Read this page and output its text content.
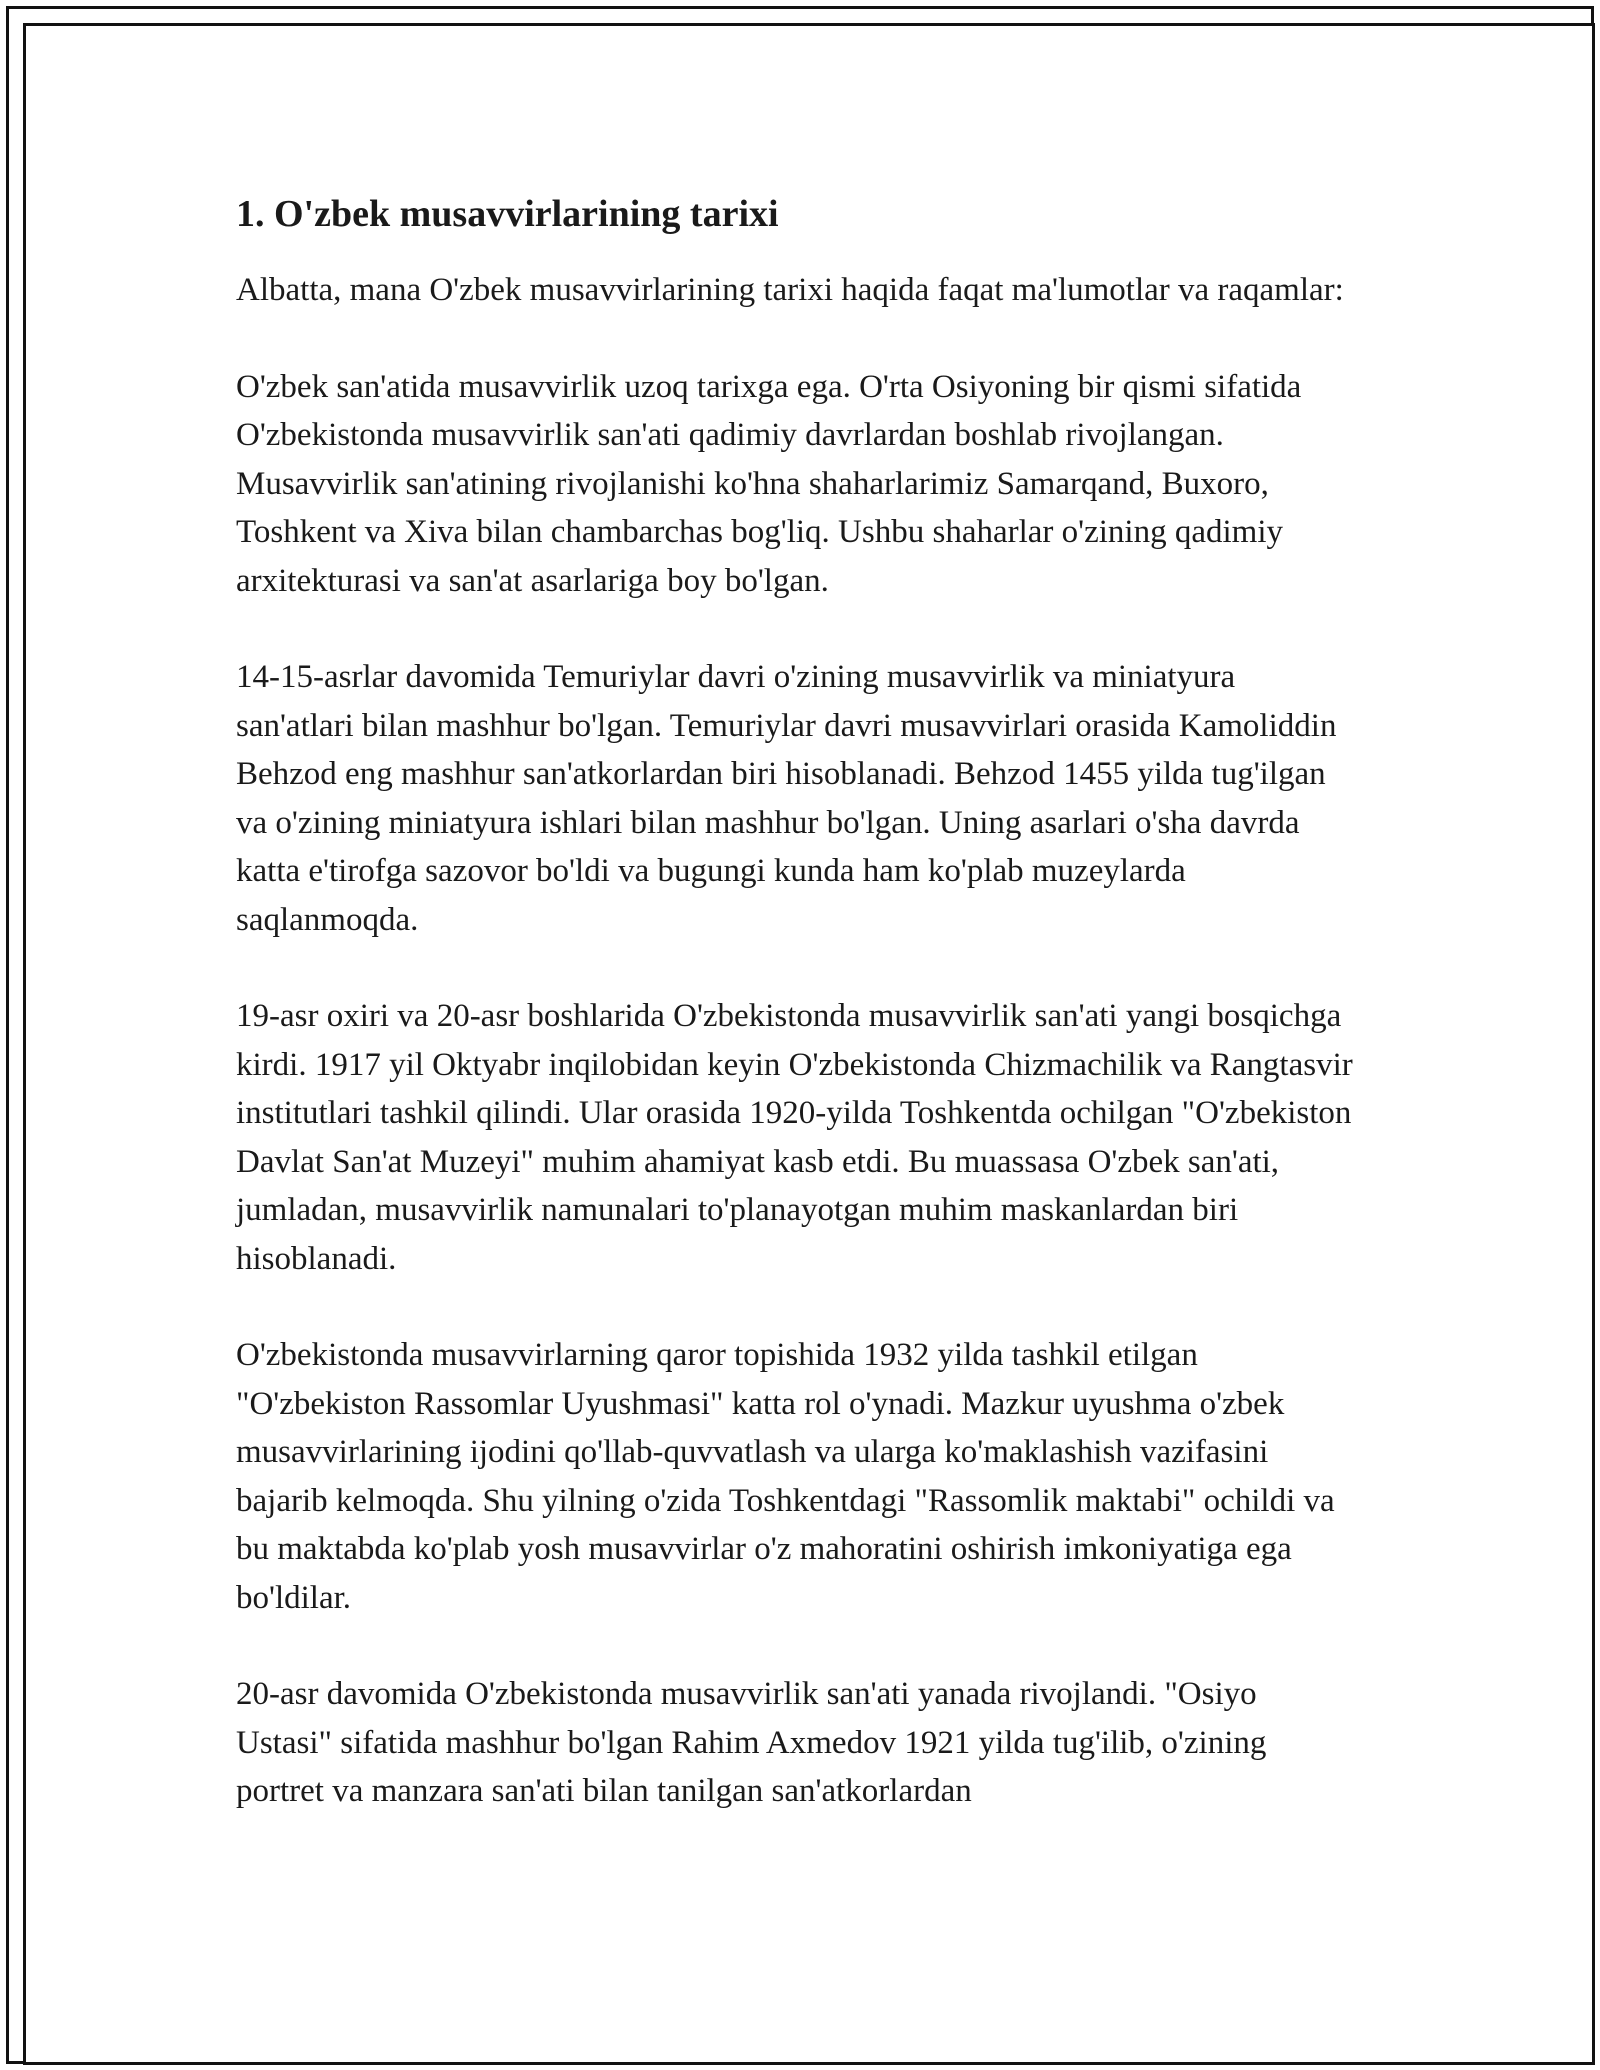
1. O'zbek musavvirlarining tarixi

Albatta, mana O'zbek musavvirlarining tarixi haqida faqat ma'lumotlar va raqamlar:

O'zbek san'atida musavvirlik uzoq tarixga ega. O'rta Osiyoning bir qismi sifatida O'zbekistonda musavvirlik san'ati qadimiy davrlardan boshlab rivojlangan. Musavvirlik san'atining rivojlanishi ko'hna shaharlarimiz Samarqand, Buxoro, Toshkent va Xiva bilan chambarchas bog'liq. Ushbu shaharlar o'zining qadimiy arxitekturasi va san'at asarlariga boy bo'lgan.

14-15-asrlar davomida Temuriylar davri o'zining musavvirlik va miniatyura san'atlari bilan mashhur bo'lgan. Temuriylar davri musavvirlari orasida Kamoliddin Behzod eng mashhur san'atkorlardan biri hisoblanadi. Behzod 1455 yilda tug'ilgan va o'zining miniatyura ishlari bilan mashhur bo'lgan. Uning asarlari o'sha davrda katta e'tirofga sazovor bo'ldi va bugungi kunda ham ko'plab muzeylarda saqlanmoqda.

19-asr oxiri va 20-asr boshlarida O'zbekistonda musavvirlik san'ati yangi bosqichga kirdi. 1917 yil Oktyabr inqilobidan keyin O'zbekistonda Chizmachilik va Rangtasvir institutlari tashkil qilindi. Ular orasida 1920-yilda Toshkentda ochilgan "O'zbekiston Davlat San'at Muzeyi" muhim ahamiyat kasb etdi. Bu muassasa O'zbek san'ati, jumladan, musavvirlik namunalari to'planayotgan muhim maskanlardan biri hisoblanadi.

O'zbekistonda musavvirlarning qaror topishida 1932 yilda tashkil etilgan "O'zbekiston Rassomlar Uyushmasi" katta rol o'ynadi. Mazkur uyushma o'zbek musavvirlarining ijodini qo'llab-quvvatlash va ularga ko'maklashish vazifasini bajarib kelmoqda. Shu yilning o'zida Toshkentdagi "Rassomlik maktabi" ochildi va bu maktabda ko'plab yosh musavvirlar o'z mahoratini oshirish imkoniyatiga ega bo'ldilar.

20-asr davomida O'zbekistonda musavvirlik san'ati yanada rivojlandi. "Osiyo Ustasi" sifatida mashhur bo'lgan Rahim Axmedov 1921 yilda tug'ilib, o'zining portret va manzara san'ati bilan tanilgan san'atkorlardan
